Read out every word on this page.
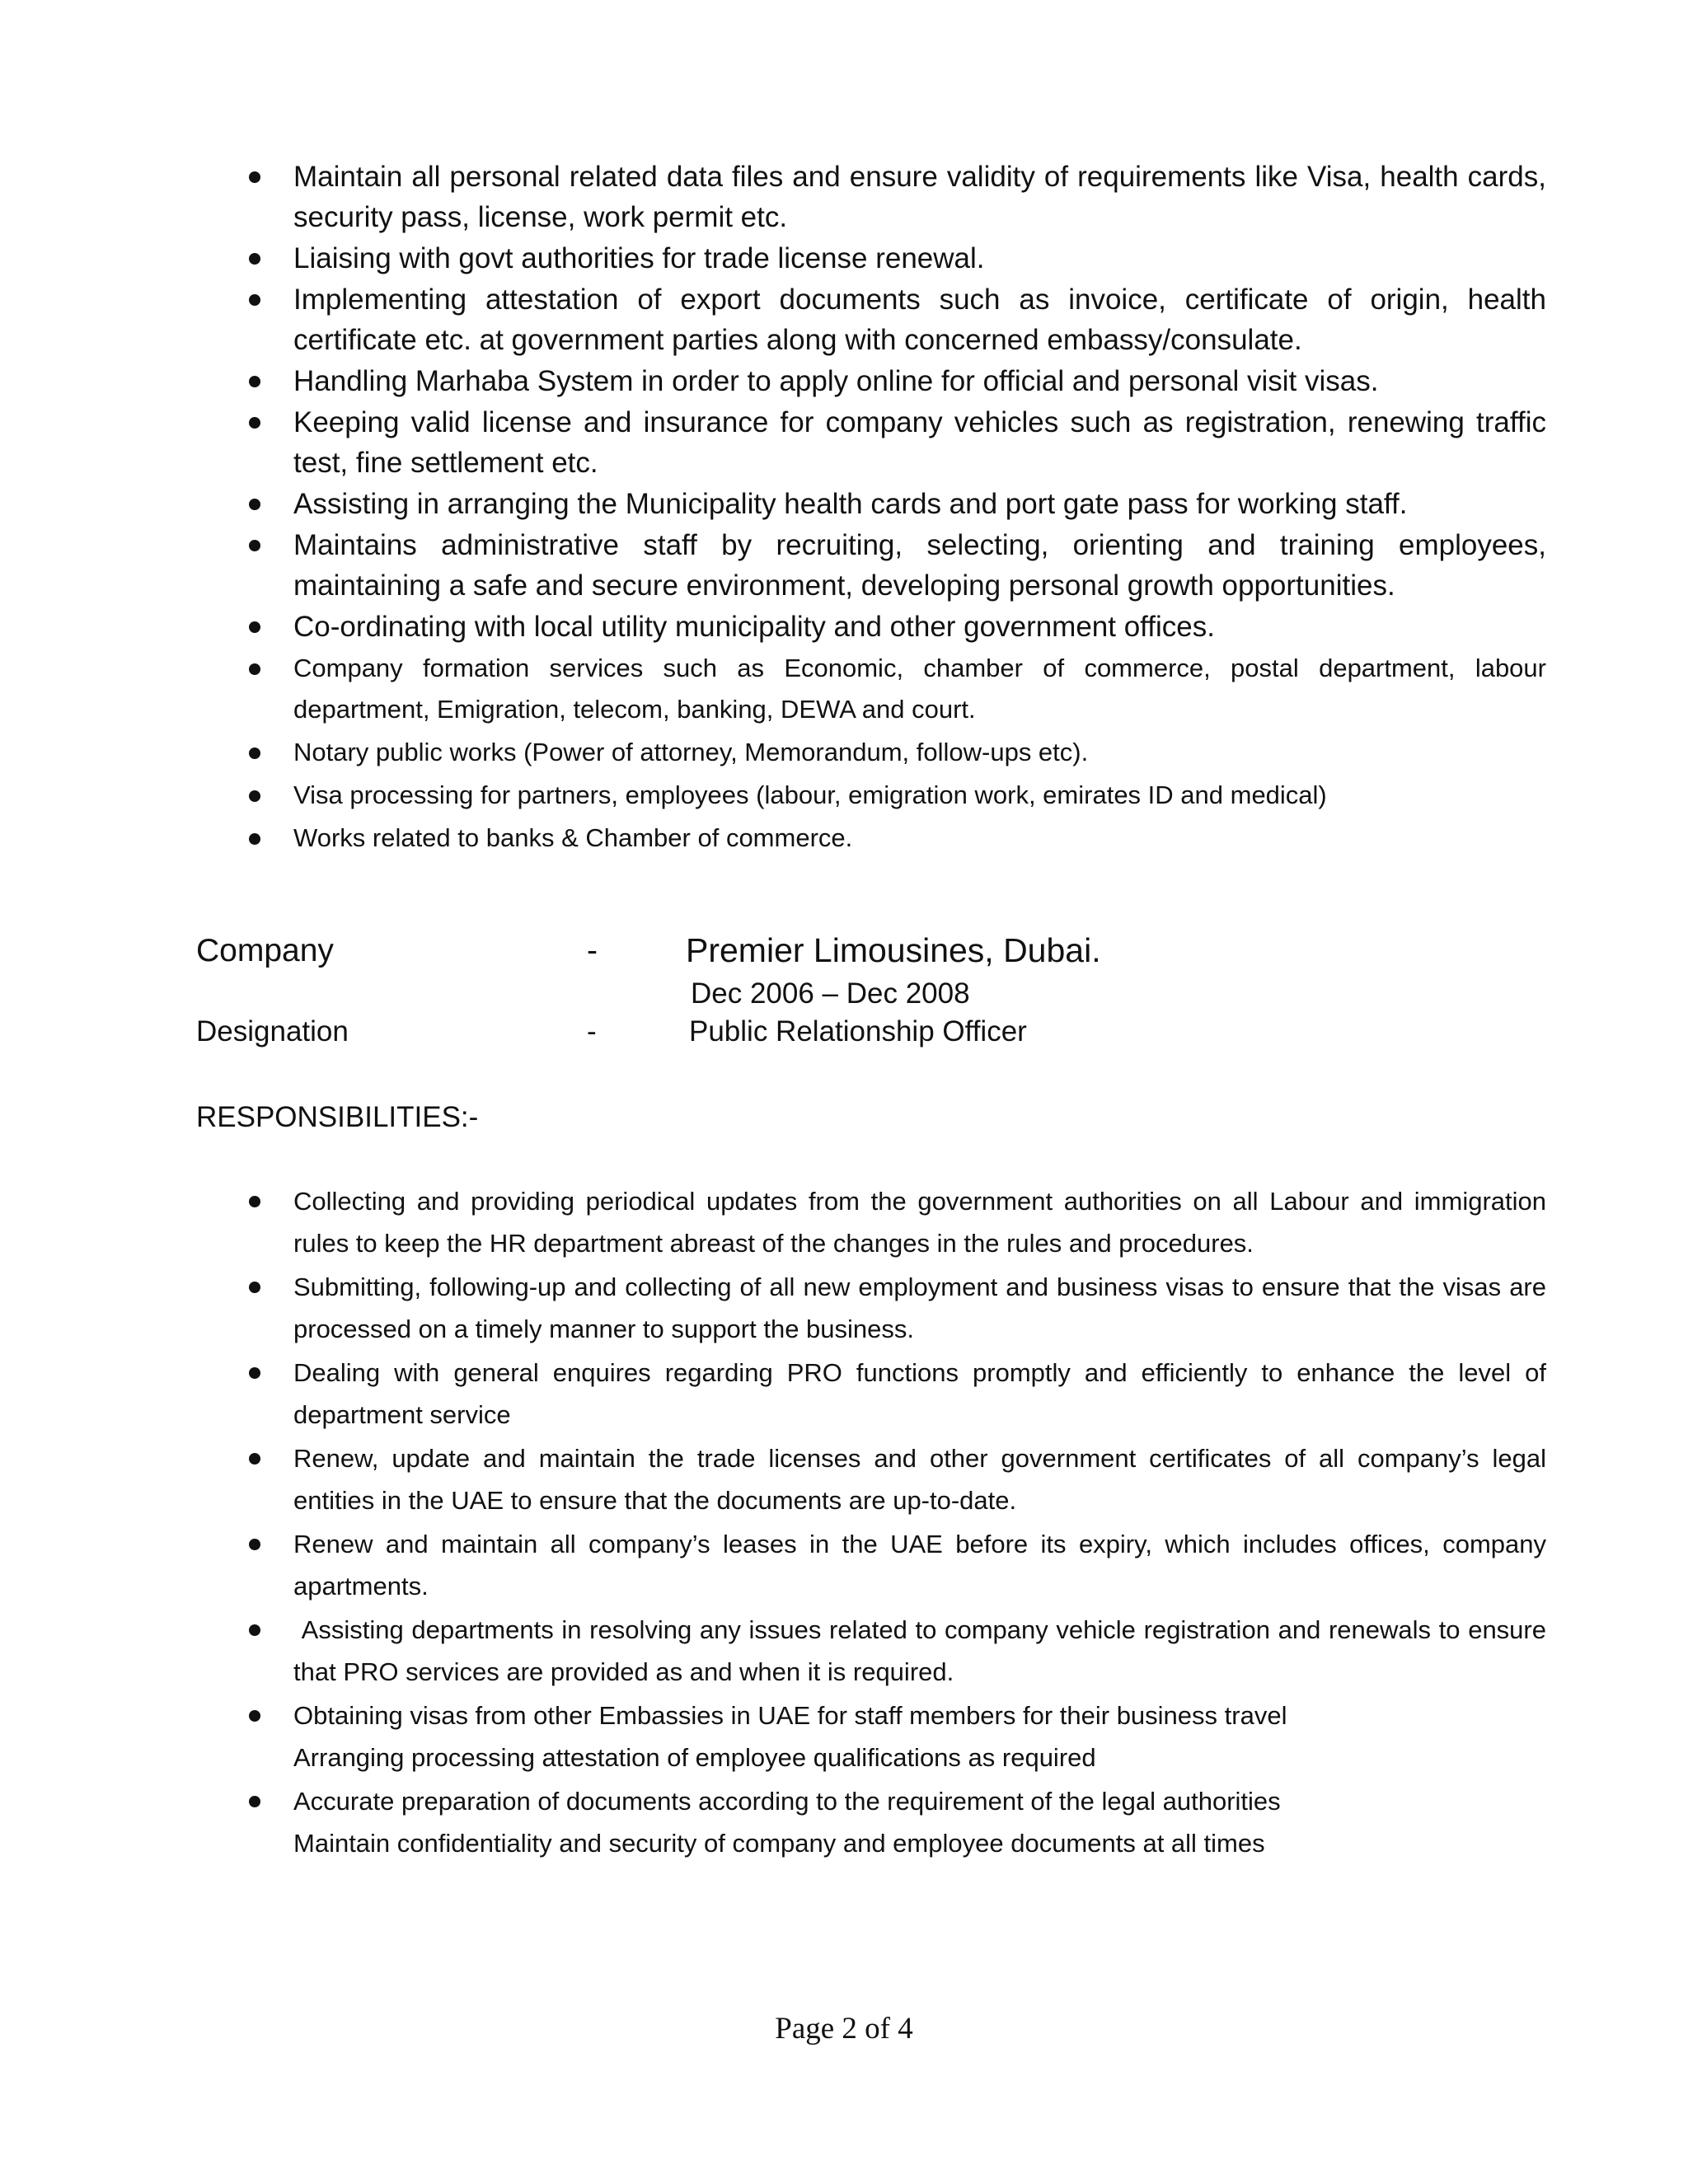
Maintain all personal related data files and ensure validity of requirements like Visa, health cards, security pass, license, work permit etc.
Liaising with govt authorities for trade license renewal.
Implementing attestation of export documents such as invoice, certificate of origin, health certificate etc. at government parties along with concerned embassy/consulate.
Handling Marhaba System in order to apply online for official and personal visit visas.
Keeping valid license and insurance for company vehicles such as registration, renewing traffic test, fine settlement etc.
Assisting in arranging the Municipality health cards and port gate pass for working staff.
Maintains administrative staff by recruiting, selecting, orienting and training employees, maintaining a safe and secure environment, developing personal growth opportunities.
Co-ordinating with local utility municipality and other government offices.
Company formation services such as Economic, chamber of commerce, postal department, labour department, Emigration, telecom, banking, DEWA and court.
Notary public works (Power of attorney, Memorandum, follow-ups etc).
Visa processing for partners, employees (labour, emigration work, emirates ID and medical)
Works related to banks & Chamber of commerce.
Company	-	Premier Limousines, Dubai.
Dec 2006 – Dec 2008
Designation	-	Public Relationship Officer
RESPONSIBILITIES:-
Collecting and providing periodical updates from the government authorities on all Labour and immigration rules to keep the HR department abreast of the changes in the rules and procedures.
Submitting, following-up and collecting of all new employment and business visas to ensure that the visas are processed on a timely manner to support the business.
Dealing with general enquires regarding PRO functions promptly and efficiently to enhance the level of department service
Renew, update and maintain the trade licenses and other government certificates of all company’s legal entities in the UAE to ensure that the documents are up-to-date.
Renew and maintain all company’s leases in the UAE before its expiry, which includes offices, company apartments.
Assisting departments in resolving any issues related to company vehicle registration and renewals to ensure that PRO services are provided as and when it is required.
Obtaining visas from other Embassies in UAE for staff members for their business travel
Arranging processing attestation of employee qualifications as required
Accurate preparation of documents according to the requirement of the legal authorities
Maintain confidentiality and security of company and employee documents at all times
Page 2 of 4
